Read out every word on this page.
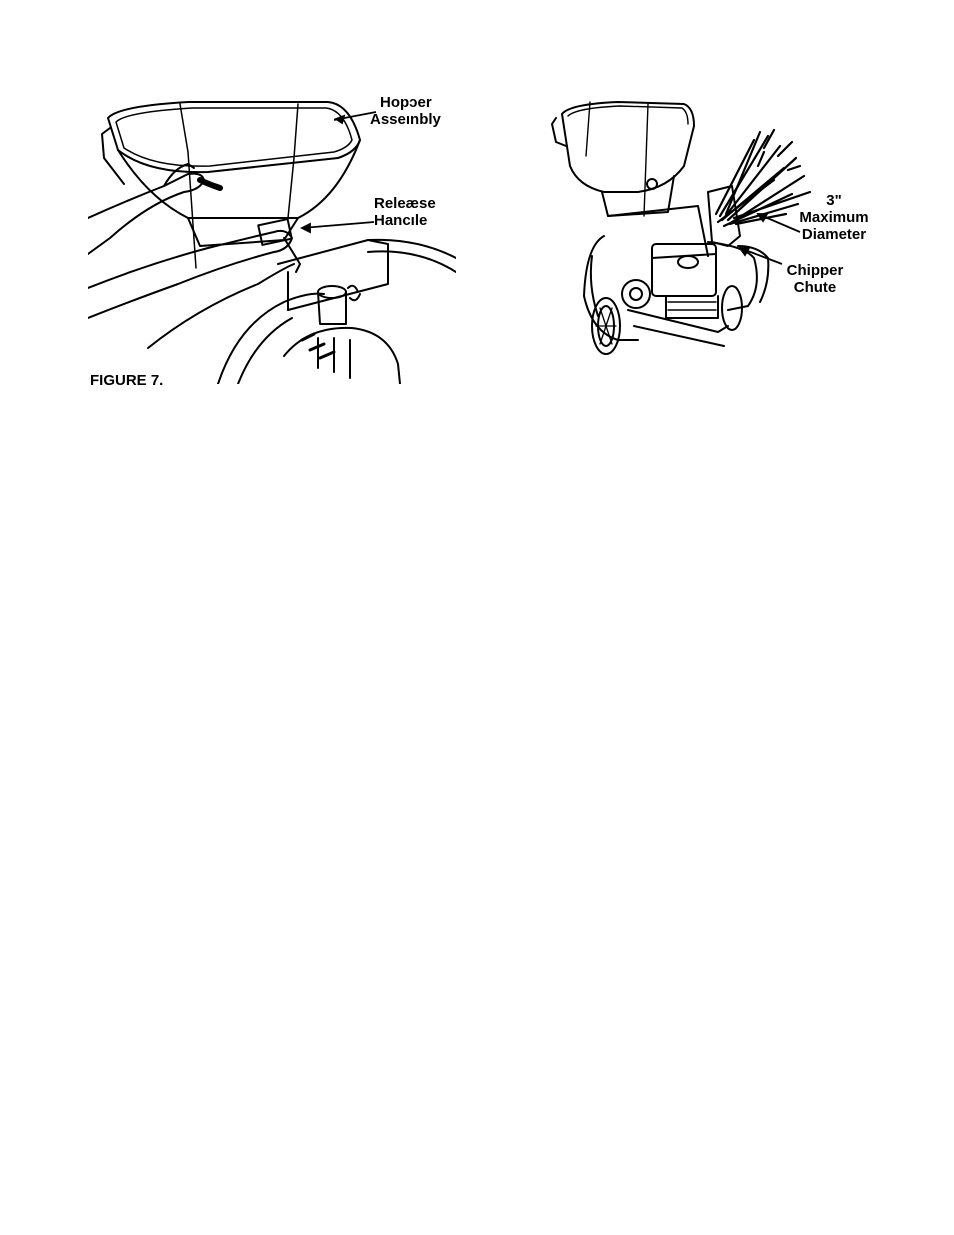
Hopɔer
Asseınbly
Releæse
Hancıle
FIGURE 7.
3"
Maximum
Diameter
Chipper
Chute
